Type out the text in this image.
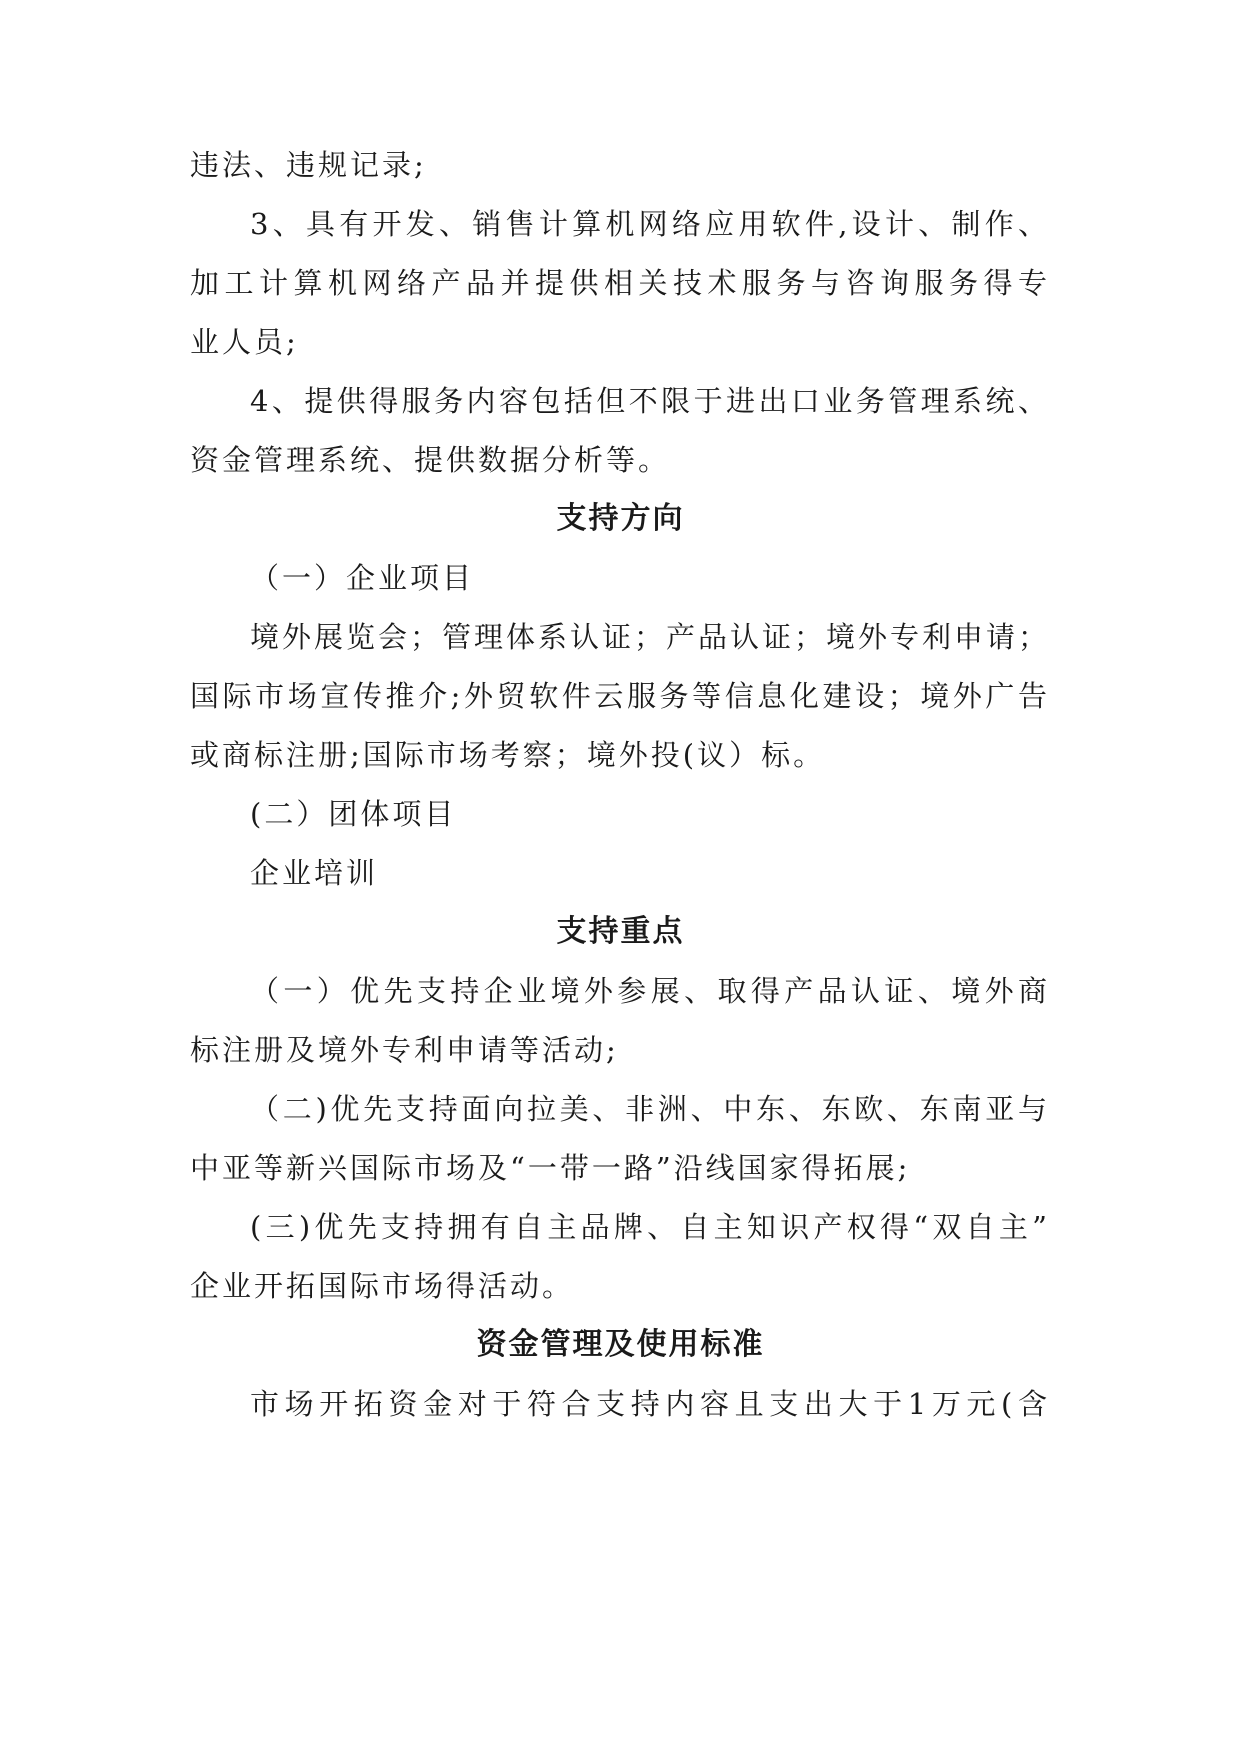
违法、违规记录;
3、具有开发、销售计算机网络应用软件,设计、制作、
加工计算机网络产品并提供相关技术服务与咨询服务得专
业人员;
4、提供得服务内容包括但不限于进出口业务管理系统、
资金管理系统、提供数据分析等。
支持方向
（一）企业项目
境外展览会；管理体系认证；产品认证；境外专利申请；
国际市场宣传推介;外贸软件云服务等信息化建设；境外广告
或商标注册;国际市场考察；境外投(议）标。
(二）团体项目
企业培训
支持重点
（一）优先支持企业境外参展、取得产品认证、境外商
标注册及境外专利申请等活动;
（二)优先支持面向拉美、非洲、中东、东欧、东南亚与
中亚等新兴国际市场及“一带一路”沿线国家得拓展;
(三)优先支持拥有自主品牌、自主知识产权得“双自主”
企业开拓国际市场得活动。
资金管理及使用标准
市场开拓资金对于符合支持内容且支出大于1万元(含
